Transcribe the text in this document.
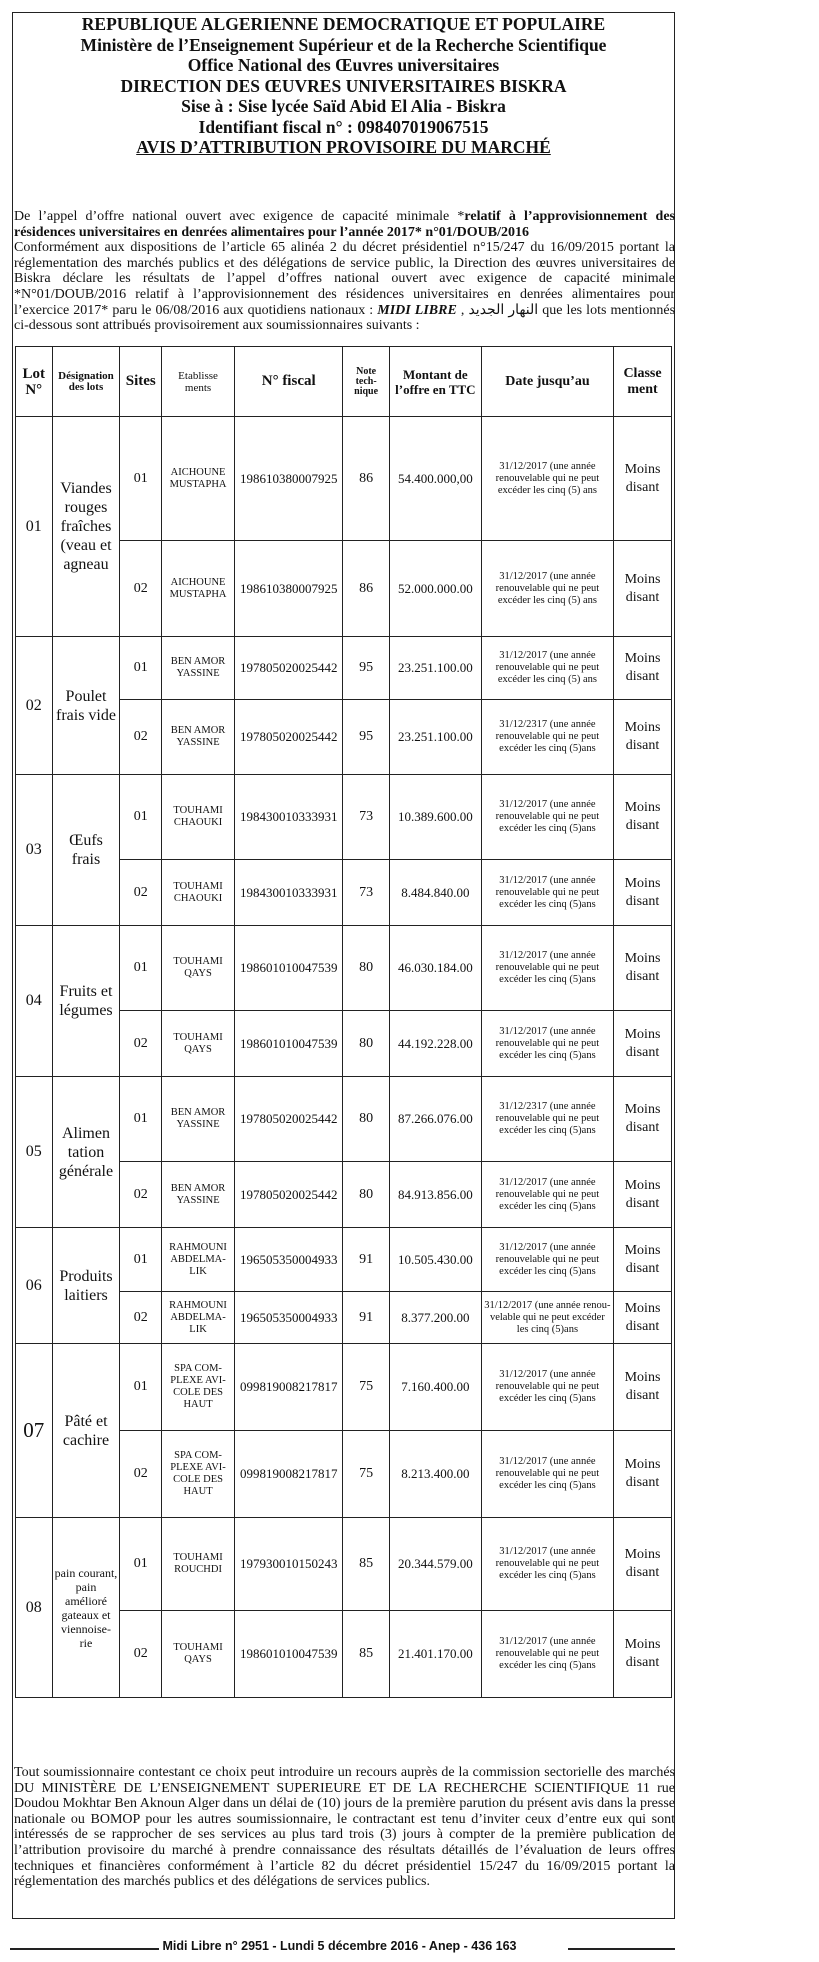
REPUBLIQUE ALGERIENNE DEMOCRATIQUE ET POPULAIRE
Ministère de l’Enseignement Supérieur et de la Recherche Scientifique
Office National des Œuvres universitaires
DIRECTION DES ŒUVRES UNIVERSITAIRES BISKRA
Sise à : Sise lycée Saïd Abid El Alia - Biskra
Identifiant fiscal n° : 098407019067515
AVIS D’ATTRIBUTION PROVISOIRE DU MARCHÉ

De l’appel d’offre national ouvert avec exigence de capacité minimale *relatif à l’approvisionnement des résidences universitaires en denrées alimentaires pour l’année 2017* n°01/DOUB/2016

Conformément aux dispositions de l’article 65 alinéa 2 du décret présidentiel n°15/247 du 16/09/2015 portant la réglementation des marchés publics et des délégations de service public, la Direction des œuvres universitaires de Biskra déclare les résultats de l’appel d’offres national ouvert avec exigence de capacité minimale *N°01/DOUB/2016 relatif à l’approvisionnement des résidences universitaires en denrées alimentaires pour l’exercice 2017* paru le 06/08/2016 aux quotidiens nationaux : MIDI LIBRE , النهار الجديد que les lots mentionnés ci-dessous sont attribués provisoirement aux soumissionnaires suivants :

Lot N°	Désignation des lots	Sites	Etablisse ments	N° fiscal	Note tech- nique	Montant de l’offre en TTC	Date jusqu’au	Classe ment
01	Viandes rouges fraîches (veau et agneau	01	AICHOUNE MUSTAPHA	198610380007925	86	54.400.000,00	31/12/2017 (une année renouvelable qui ne peut excéder les cinq (5) ans	Moins disant
		02	AICHOUNE MUSTAPHA	198610380007925	86	52.000.000.00	31/12/2017 (une année renouvelable qui ne peut excéder les cinq (5) ans	Moins disant
02	Poulet frais vide	01	BEN AMOR YASSINE	197805020025442	95	23.251.100.00	31/12/2017 (une année renouvelable qui ne peut excéder les cinq (5) ans	Moins disant
		02	BEN AMOR YASSINE	197805020025442	95	23.251.100.00	31/12/2317 (une année renouvelable qui ne peut excéder les cinq (5)ans	Moins disant
03	Œufs frais	01	TOUHAMI CHAOUKI	198430010333931	73	10.389.600.00	31/12/2017 (une année renouvelable qui ne peut excéder les cinq (5)ans	Moins disant
		02	TOUHAMI CHAOUKI	198430010333931	73	8.484.840.00	31/12/2017 (une année renouvelable qui ne peut excéder les cinq (5)ans	Moins disant
04	Fruits et légumes	01	TOUHAMI QAYS	198601010047539	80	46.030.184.00	31/12/2017 (une année renouvelable qui ne peut excéder les cinq (5)ans	Moins disant
		02	TOUHAMI QAYS	198601010047539	80	44.192.228.00	31/12/2017 (une année renouvelable qui ne peut excéder les cinq (5)ans	Moins disant
05	Alimen tation générale	01	BEN AMOR YASSINE	197805020025442	80	87.266.076.00	31/12/2317 (une année renouvelable qui ne peut excéder les cinq (5)ans	Moins disant
		02	BEN AMOR YASSINE	197805020025442	80	84.913.856.00	31/12/2017 (une année renouvelable qui ne peut excéder les cinq (5)ans	Moins disant
06	Produits laitiers	01	RAHMOUNI ABDELMA- LIK	196505350004933	91	10.505.430.00	31/12/2017 (une année renouvelable qui ne peut excéder les cinq (5)ans	Moins disant
		02	RAHMOUNI ABDELMA- LIK	196505350004933	91	8.377.200.00	31/12/2017 (une année renou- velable qui ne peut excéder les cinq (5)ans	Moins disant
07	Pâté et cachire	01	SPA COM- PLEXE AVI- COLE DES HAUT	099819008217817	75	7.160.400.00	31/12/2017 (une année renouvelable qui ne peut excéder les cinq (5)ans	Moins disant
		02	SPA COM- PLEXE AVI- COLE DES HAUT	099819008217817	75	8.213.400.00	31/12/2017 (une année renouvelable qui ne peut excéder les cinq (5)ans	Moins disant
08	pain courant, pain amélioré gateaux et viennoise- rie	01	TOUHAMI ROUCHDI	197930010150243	85	20.344.579.00	31/12/2017 (une année renouvelable qui ne peut excéder les cinq (5)ans	Moins disant
		02	TOUHAMI QAYS	198601010047539	85	21.401.170.00	31/12/2017 (une année renouvelable qui ne peut excéder les cinq (5)ans	Moins disant

Tout soumissionnaire contestant ce choix peut introduire un recours auprès de la commission sectorielle des marchés DU MINISTÈRE DE L’ENSEIGNEMENT SUPERIEURE ET DE LA RECHERCHE SCIENTIFIQUE 11 rue Doudou Mokhtar Ben Aknoun Alger dans un délai de (10) jours de la première parution du présent avis dans la presse nationale ou BOMOP pour les autres soumissionnaire, le contractant est tenu d’inviter ceux d’entre eux qui sont intéressés de se rapprocher de ses services au plus tard trois (3) jours à compter de la première publication de l’attribution provisoire du marché à prendre connaissance des résultats détaillés de l’évaluation de leurs offres techniques et financières conformément à l’article 82 du décret présidentiel 15/247 du 16/09/2015 portant la réglementation des marchés publics et des délégations de services publics.

Midi Libre n° 2951 - Lundi 5 décembre 2016 - Anep - 436 163
